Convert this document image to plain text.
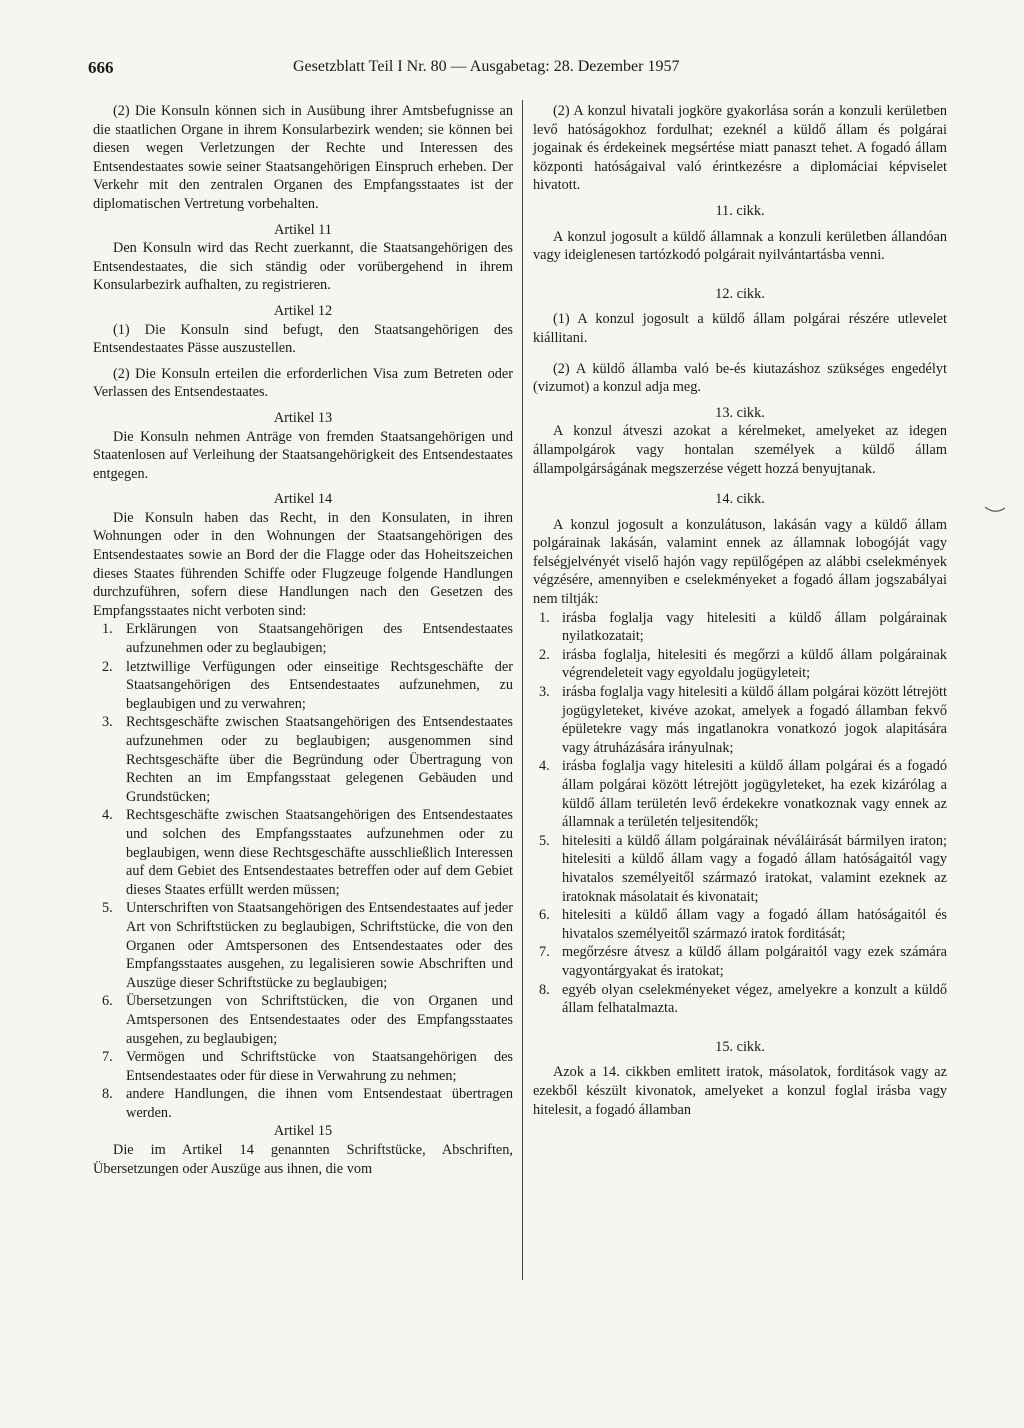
666	Gesetzblatt Teil I Nr. 80 — Ausgabetag: 28. Dezember 1957

(2) Die Konsuln können sich in Ausübung ihrer Amtsbefugnisse an die staatlichen Organe in ihrem Konsularbezirk wenden; sie können bei diesen wegen Verletzungen der Rechte und Interessen des Entsendestaates sowie seiner Staatsangehörigen Einspruch erheben. Der Verkehr mit den zentralen Organen des Empfangsstaates ist der diplomatischen Vertretung vorbehalten.

Artikel 11

Den Konsuln wird das Recht zuerkannt, die Staatsangehörigen des Entsendestaates, die sich ständig oder vorübergehend in ihrem Konsularbezirk aufhalten, zu registrieren.

Artikel 12

(1) Die Konsuln sind befugt, den Staatsangehörigen des Entsendestaates Pässe auszustellen.

(2) Die Konsuln erteilen die erforderlichen Visa zum Betreten oder Verlassen des Entsendestaates.

Artikel 13

Die Konsuln nehmen Anträge von fremden Staatsangehörigen und Staatenlosen auf Verleihung der Staatsangehörigkeit des Entsendestaates entgegen.

Artikel 14

Die Konsuln haben das Recht, in den Konsulaten, in ihren Wohnungen oder in den Wohnungen der Staatsangehörigen des Entsendestaates sowie an Bord der die Flagge oder das Hoheitszeichen dieses Staates führenden Schiffe oder Flugzeuge folgende Handlungen durchzuführen, sofern diese Handlungen nach den Gesetzen des Empfangsstaates nicht verboten sind:

1. Erklärungen von Staatsangehörigen des Entsendestaates aufzunehmen oder zu beglaubigen;
2. letztwillige Verfügungen oder einseitige Rechtsgeschäfte der Staatsangehörigen des Entsendestaates aufzunehmen, zu beglaubigen und zu verwahren;
3. Rechtsgeschäfte zwischen Staatsangehörigen des Entsendestaates aufzunehmen oder zu beglaubigen; ausgenommen sind Rechtsgeschäfte über die Begründung oder Übertragung von Rechten an im Empfangsstaat gelegenen Gebäuden und Grundstücken;
4. Rechtsgeschäfte zwischen Staatsangehörigen des Entsendestaates und solchen des Empfangsstaates aufzunehmen oder zu beglaubigen, wenn diese Rechtsgeschäfte ausschließlich Interessen auf dem Gebiet des Entsendestaates betreffen oder auf dem Gebiet dieses Staates erfüllt werden müssen;
5. Unterschriften von Staatsangehörigen des Entsendestaates auf jeder Art von Schriftstücken zu beglaubigen, Schriftstücke, die von den Organen oder Amtspersonen des Entsendestaates oder des Empfangsstaates ausgehen, zu legalisieren sowie Abschriften und Auszüge dieser Schriftstücke zu beglaubigen;
6. Übersetzungen von Schriftstücken, die von Organen und Amtspersonen des Entsendestaates oder des Empfangsstaates ausgehen, zu beglaubigen;
7. Vermögen und Schriftstücke von Staatsangehörigen des Entsendestaates oder für diese in Verwahrung zu nehmen;
8. andere Handlungen, die ihnen vom Entsendestaat übertragen werden.

Artikel 15

Die im Artikel 14 genannten Schriftstücke, Abschriften, Übersetzungen oder Auszüge aus ihnen, die vom

(2) A konzul hivatali jogköre gyakorlása során a konzuli kerületben levő hatóságokhoz fordulhat; ezeknél a küldő állam és polgárai jogainak és érdekeinek megsértése miatt panaszt tehet. A fogadó állam központi hatóságaival való érintkezésre a diplomáciai képviselet hivatott.

11. cikk.

A konzul jogosult a küldő államnak a konzuli kerületben állandóan vagy ideiglenesen tartózkodó polgárait nyilvántartásba venni.

12. cikk.

(1) A konzul jogosult a küldő állam polgárai részére utlevelet kiállitani.

(2) A küldő államba való be-és kiutazáshoz szükséges engedélyt (vizumot) a konzul adja meg.

13. cikk.

A konzul átveszi azokat a kérelmeket, amelyeket az idegen állampolgárok vagy hontalan személyek a küldő állam állampolgárságának megszerzése végett hozzá benyujtanak.

14. cikk.

A konzul jogosult a konzulátuson, lakásán vagy a küldő állam polgárainak lakásán, valamint ennek az államnak lobogóját vagy felségjelvényét viselő hajón vagy repülőgépen az alábbi cselekmények végzésére, amennyiben e cselekményeket a fogadó állam jogszabályai nem tiltják:

1. irásba foglalja vagy hitelesiti a küldő állam polgárainak nyilatkozatait;
2. irásba foglalja, hitelesiti és megőrzi a küldő állam polgárainak végrendeleteit vagy egyoldalu jogügyleteit;
3. irásba foglalja vagy hitelesiti a küldő állam polgárai között létrejött jogügyleteket, kivéve azokat, amelyek a fogadó államban fekvő épületekre vagy más ingatlanokra vonatkozó jogok alapitására vagy átruházására irányulnak;
4. irásba foglalja vagy hitelesiti a küldő állam polgárai és a fogadó állam polgárai között létrejött jogügyleteket, ha ezek kizárólag a küldő állam területén levő érdekekre vonatkoznak vagy ennek az államnak a területén teljesitendők;
5. hitelesiti a küldő állam polgárainak néváláirását bármilyen iraton; hitelesiti a küldő állam vagy a fogadó állam hatóságaitól vagy hivatalos személyeitől származó iratokat, valamint ezeknek az iratoknak másolatait és kivonatait;
6. hitelesiti a küldő állam vagy a fogadó állam hatóságaitól és hivatalos személyeitől származó iratok forditását;
7. megőrzésre átvesz a küldő állam polgáraitól vagy ezek számára vagyontárgyakat és iratokat;
8. egyéb olyan cselekményeket végez, amelyekre a konzult a küldő állam felhatalmazta.

15. cikk.

Azok a 14. cikkben emlitett iratok, másolatok, forditások vagy az ezekből készült kivonatok, amelyeket a konzul foglal irásba vagy hitelesit, a fogadó államban
